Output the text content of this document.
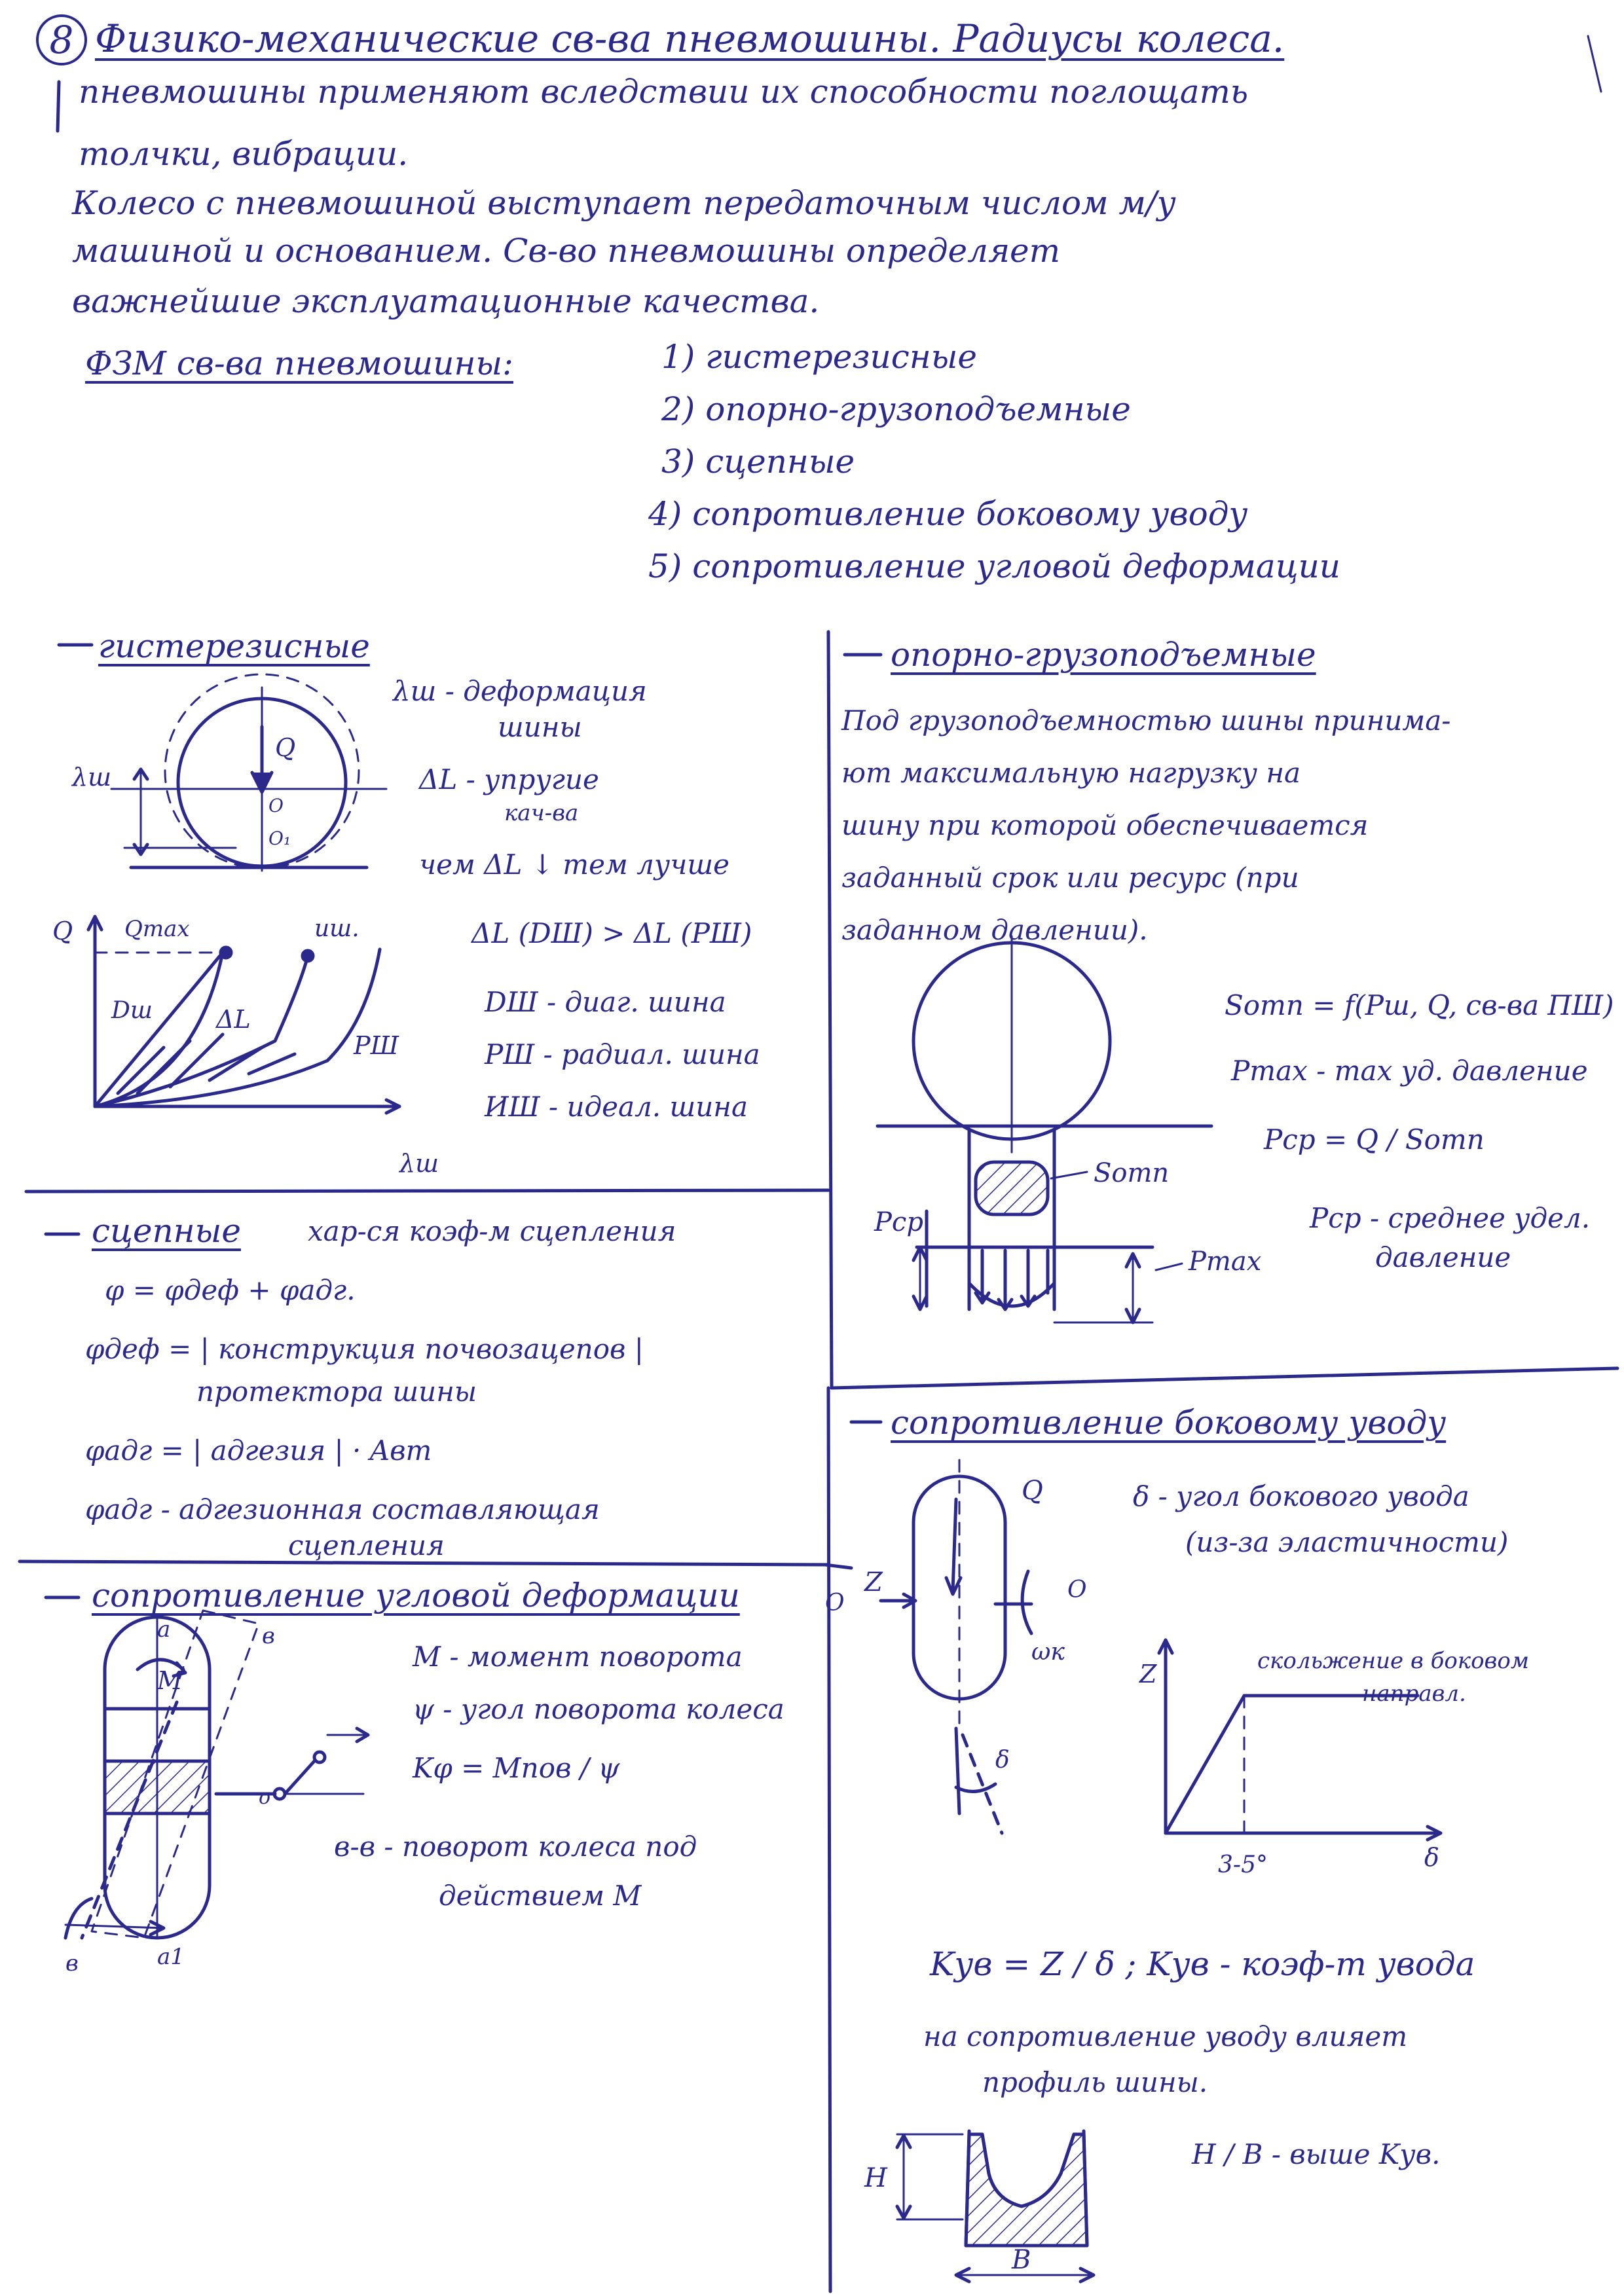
8 Физико-механические св-ва пневмошины. Радиусы колеса.
пневмошины применяют вследствии их способности поглощать
толчки, вибрации.
Колесо с пневмошиной выступает передаточным числом м/у
машиной и основанием. Св-во пневмошины определяет
важнейшие эксплуатационные качества.
ФЗМ св-ва пневмошины:	1) гистерезисные
2) опорно-грузоподъемные
3) сцепные
4) сопротивление боковому уводу
5) сопротивление угловой деформации
гистерезисные
λш - деформация
шины
ΔL - упругие
кач-ва
чем ΔL ↓ тем лучше
ΔL (DШ) > ΔL (PШ)
DШ - диаг. шина
PШ - радиал. шина
ИШ - идеал. шина
опорно-грузоподъемные
Под грузоподъемностью шины принима-
ют максимальную нагрузку на
шину при которой обеспечивается
заданный срок или ресурс (при
заданном давлении).
Sотп = f(Pш, Q, св-ва ПШ)
Pmax - max уд. давление
Pср = Q / Sотп
Pср - среднее удел.
давление
сцепные хар-ся коэф-м сцепления
φ = φдеф + φадг.
φдеф = | конструкция почвозацепов |
протектора шины
φадг = | адгезия | · Aвт
φадг - адгезионная составляющая
сцепления
сопротивление боковому уводу
δ - угол бокового увода
(из-за эластичности)
скольжение в боковом
направл.
Kув = Z / δ ; Kув - коэф-т увода
на сопротивление уводу влияет
профиль шины.
H / B - выше Kув.
сопротивление угловой деформации
M - момент поворота
ψ - угол поворота колеса
Kφ = Mпов / ψ
в-в - поворот колеса под
действием M
λш
Q
O
O₁
Q Qmax	иш.
Dш	ΔL
PШ
λш	Sотп
Pср
Pmax
Q
Z
O	O
ωк
δ
Z
δ
3-5°
H
B
a	в
M
o
в	a1
